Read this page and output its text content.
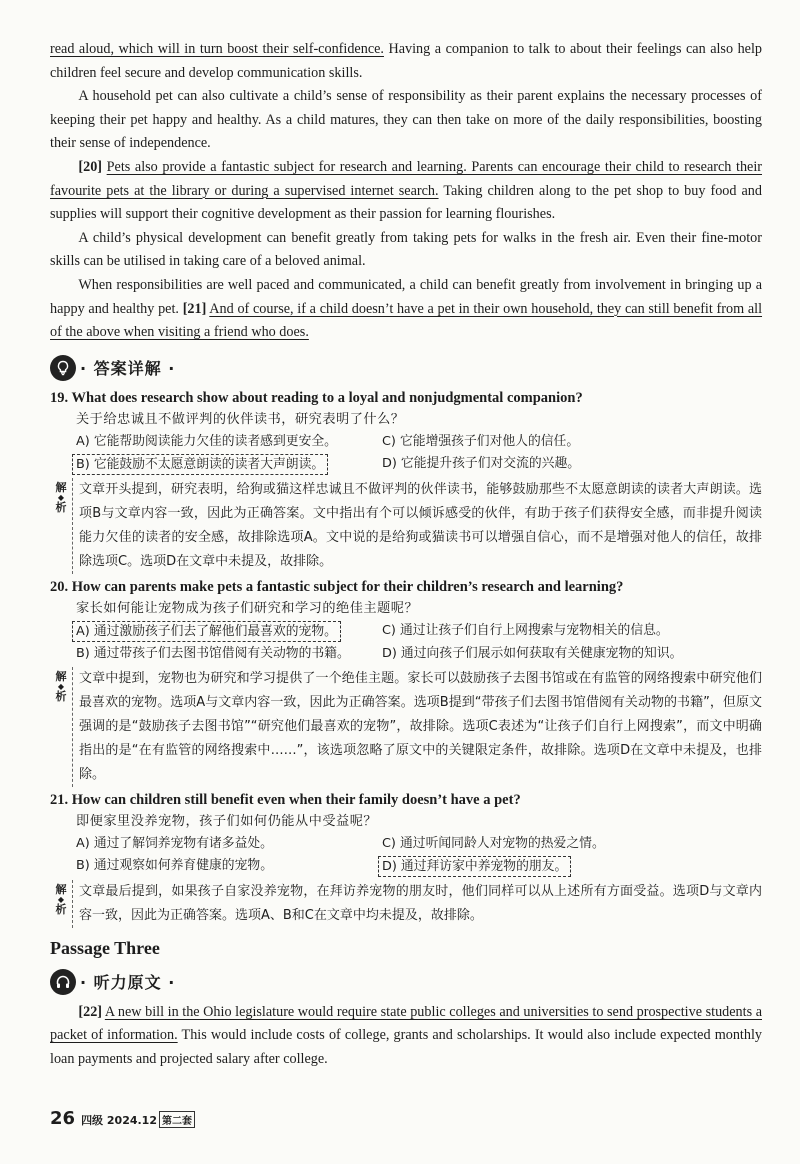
read aloud, which will in turn boost their self-confidence. Having a companion to talk to about their feelings can also help children feel secure and develop communication skills.

A household pet can also cultivate a child’s sense of responsibility as their parent explains the necessary processes of keeping their pet happy and healthy. As a child matures, they can then take on more of the daily responsibilities, boosting their sense of independence.

[20] Pets also provide a fantastic subject for research and learning. Parents can encourage their child to research their favourite pets at the library or during a supervised internet search. Taking children along to the pet shop to buy food and supplies will support their cognitive development as their passion for learning flourishes.

A child’s physical development can benefit greatly from taking pets for walks in the fresh air. Even their fine-motor skills can be utilised in taking care of a beloved animal.

When responsibilities are well paced and communicated, a child can benefit greatly from involvement in bringing up a happy and healthy pet. [21] And of course, if a child doesn’t have a pet in their own household, they can still benefit from all of the above when visiting a friend who does.

· 答案详解 ·
19. What does research show about reading to a loyal and nonjudgmental companion?
关于给忠诚且不做评判的伙伴读书，研究表明了什么？
A) 它能帮助阅读能力欠佳的读者感到更安全。	C) 它能增强孩子们对他人的信任。
B) 它能鼓励不太愿意朗读的读者大声朗读。	D) 它能提升孩子们对交流的兴趣。
解
◆
析
文章开头提到，研究表明，给狗或猫这样忠诚且不做评判的伙伴读书，能够鼓励那些不太愿意朗读的读者大声朗读。选项B与文章内容一致，因此为正确答案。文中指出有个可以倾诉感受的伙伴，有助于孩子们获得安全感，而非提升阅读能力欠佳的读者的安全感，故排除选项A。文中说的是给狗或猫读书可以增强自信心，而不是增强对他人的信任，故排除选项C。选项D在文章中未提及，故排除。
20. How can parents make pets a fantastic subject for their children’s research and learning?
家长如何能让宠物成为孩子们研究和学习的绝佳主题呢？
A) 通过激励孩子们去了解他们最喜欢的宠物。	C) 通过让孩子们自行上网搜索与宠物相关的信息。
B) 通过带孩子们去图书馆借阅有关动物的书籍。	D) 通过向孩子们展示如何获取有关健康宠物的知识。
解
◆
析
文章中提到，宠物也为研究和学习提供了一个绝佳主题。家长可以鼓励孩子去图书馆或在有监管的网络搜索中研究他们最喜欢的宠物。选项A与文章内容一致，因此为正确答案。选项B提到“带孩子们去图书馆借阅有关动物的书籍”，但原文强调的是“鼓励孩子去图书馆”“研究他们最喜欢的宠物”，故排除。选项C表述为“让孩子们自行上网搜索”，而文中明确指出的是“在有监管的网络搜索中……”，该选项忽略了原文中的关键限定条件，故排除。选项D在文章中未提及，也排除。
21. How can children still benefit even when their family doesn’t have a pet?
即便家里没养宠物，孩子们如何仍能从中受益呢？
A) 通过了解饲养宠物有诸多益处。	C) 通过听闻同龄人对宠物的热爱之情。
B) 通过观察如何养育健康的宠物。	D) 通过拜访家中养宠物的朋友。
解
◆
析
文章最后提到，如果孩子自家没养宠物，在拜访养宠物的朋友时，他们同样可以从上述所有方面受益。选项D与文章内容一致，因此为正确答案。选项A、B和C在文章中均未提及，故排除。
Passage Three
· 听力原文 ·

[22] A new bill in the Ohio legislature would require state public colleges and universities to send prospective students a packet of information. This would include costs of college, grants and scholarships. It would also include expected monthly loan payments and projected salary after college.

26 四级 2024.12 第二套
